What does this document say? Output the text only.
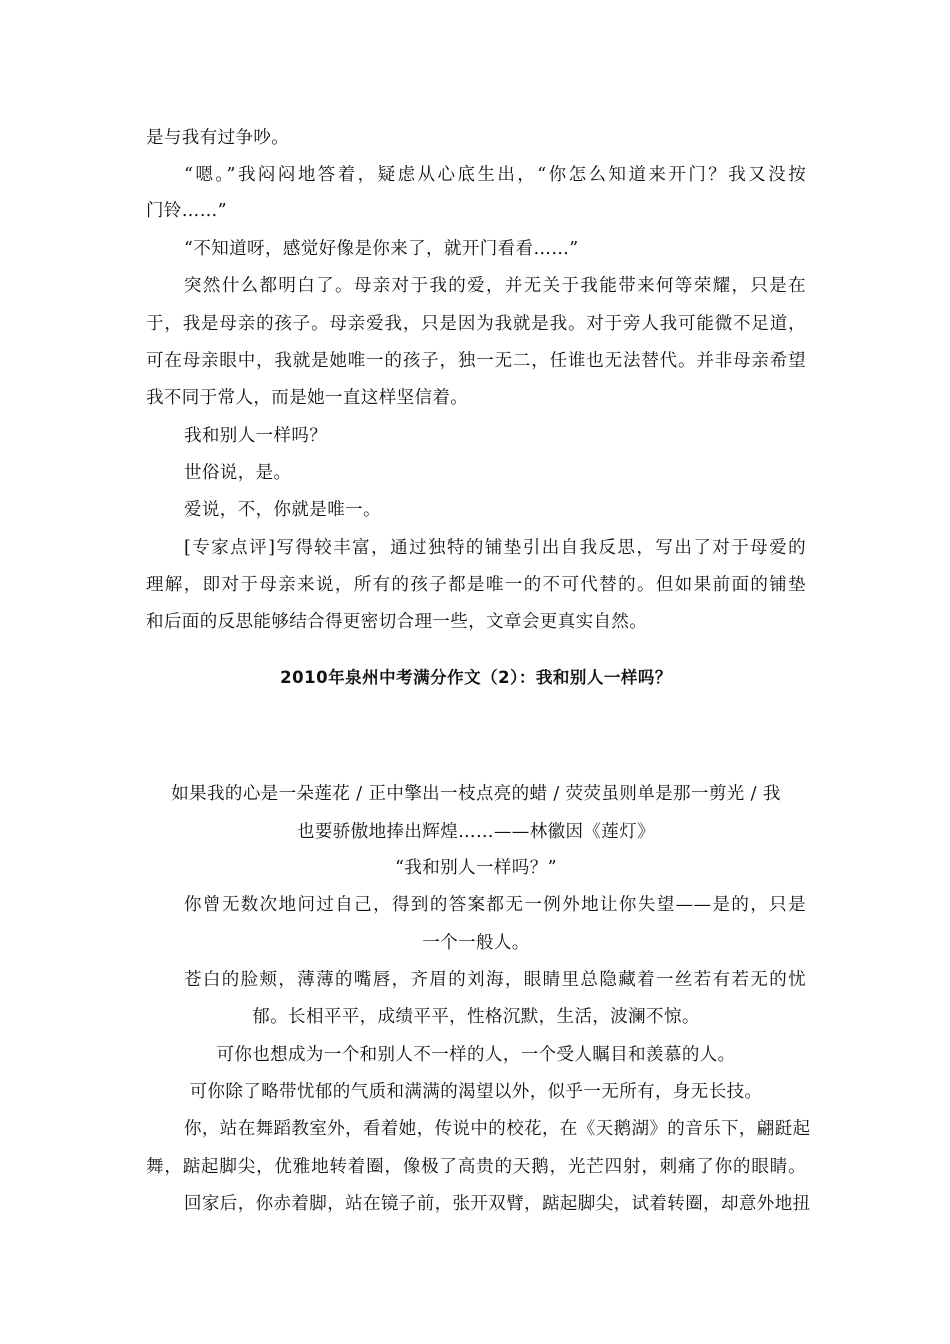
是与我有过争吵。
“嗯。”我闷闷地答着，疑虑从心底生出，“你怎么知道来开门？我又没按
门铃……”
“不知道呀，感觉好像是你来了，就开门看看……”
突然什么都明白了。母亲对于我的爱，并无关于我能带来何等荣耀，只是在
于，我是母亲的孩子。母亲爱我，只是因为我就是我。对于旁人我可能微不足道，
可在母亲眼中，我就是她唯一的孩子，独一无二，任谁也无法替代。并非母亲希望
我不同于常人，而是她一直这样坚信着。
我和别人一样吗？
世俗说，是。
爱说，不，你就是唯一。
[专家点评]写得较丰富，通过独特的铺垫引出自我反思，写出了对于母爱的
理解，即对于母亲来说，所有的孩子都是唯一的不可代替的。但如果前面的铺垫
和后面的反思能够结合得更密切合理一些，文章会更真实自然。
2010年泉州中考满分作文（2）：我和别人一样吗？
如果我的心是一朵莲花 / 正中擎出一枝点亮的蜡 / 荧荧虽则单是那一剪光 / 我
也要骄傲地捧出辉煌……——林徽因《莲灯》
“我和别人一样吗？”
你曾无数次地问过自己，得到的答案都无一例外地让你失望——是的，只是
一个一般人。
苍白的脸颊，薄薄的嘴唇，齐眉的刘海，眼睛里总隐藏着一丝若有若无的忧
郁。长相平平，成绩平平，性格沉默，生活，波澜不惊。
可你也想成为一个和别人不一样的人，一个受人瞩目和羡慕的人。
可你除了略带忧郁的气质和满满的渴望以外，似乎一无所有，身无长技。
你，站在舞蹈教室外，看着她，传说中的校花，在《天鹅湖》的音乐下，翩跹起
舞，踮起脚尖，优雅地转着圈，像极了高贵的天鹅，光芒四射，刺痛了你的眼睛。
回家后，你赤着脚，站在镜子前，张开双臂，踮起脚尖，试着转圈，却意外地扭
